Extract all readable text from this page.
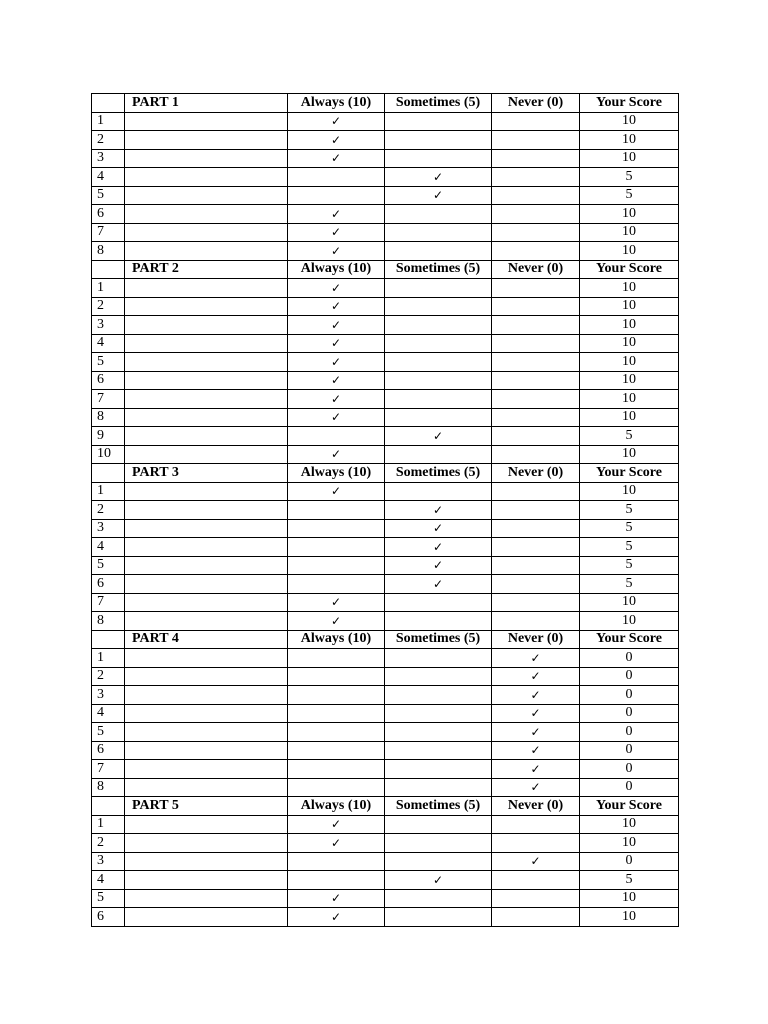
	PART 1	Always (10)	Sometimes (5)	Never (0)	Your Score
1		✓			10
2		✓			10
3		✓			10
4			✓		5
5			✓		5
6		✓			10
7		✓			10
8		✓			10
	PART 2	Always (10)	Sometimes (5)	Never (0)	Your Score
1		✓			10
2		✓			10
3		✓			10
4		✓			10
5		✓			10
6		✓			10
7		✓			10
8		✓			10
9			✓		5
10		✓			10
	PART 3	Always (10)	Sometimes (5)	Never (0)	Your Score
1		✓			10
2			✓		5
3			✓		5
4			✓		5
5			✓		5
6			✓		5
7		✓			10
8		✓			10
	PART 4	Always (10)	Sometimes (5)	Never (0)	Your Score
1				✓	0
2				✓	0
3				✓	0
4				✓	0
5				✓	0
6				✓	0
7				✓	0
8				✓	0
	PART 5	Always (10)	Sometimes (5)	Never (0)	Your Score
1		✓			10
2		✓			10
3				✓	0
4			✓		5
5		✓			10
6		✓			10
